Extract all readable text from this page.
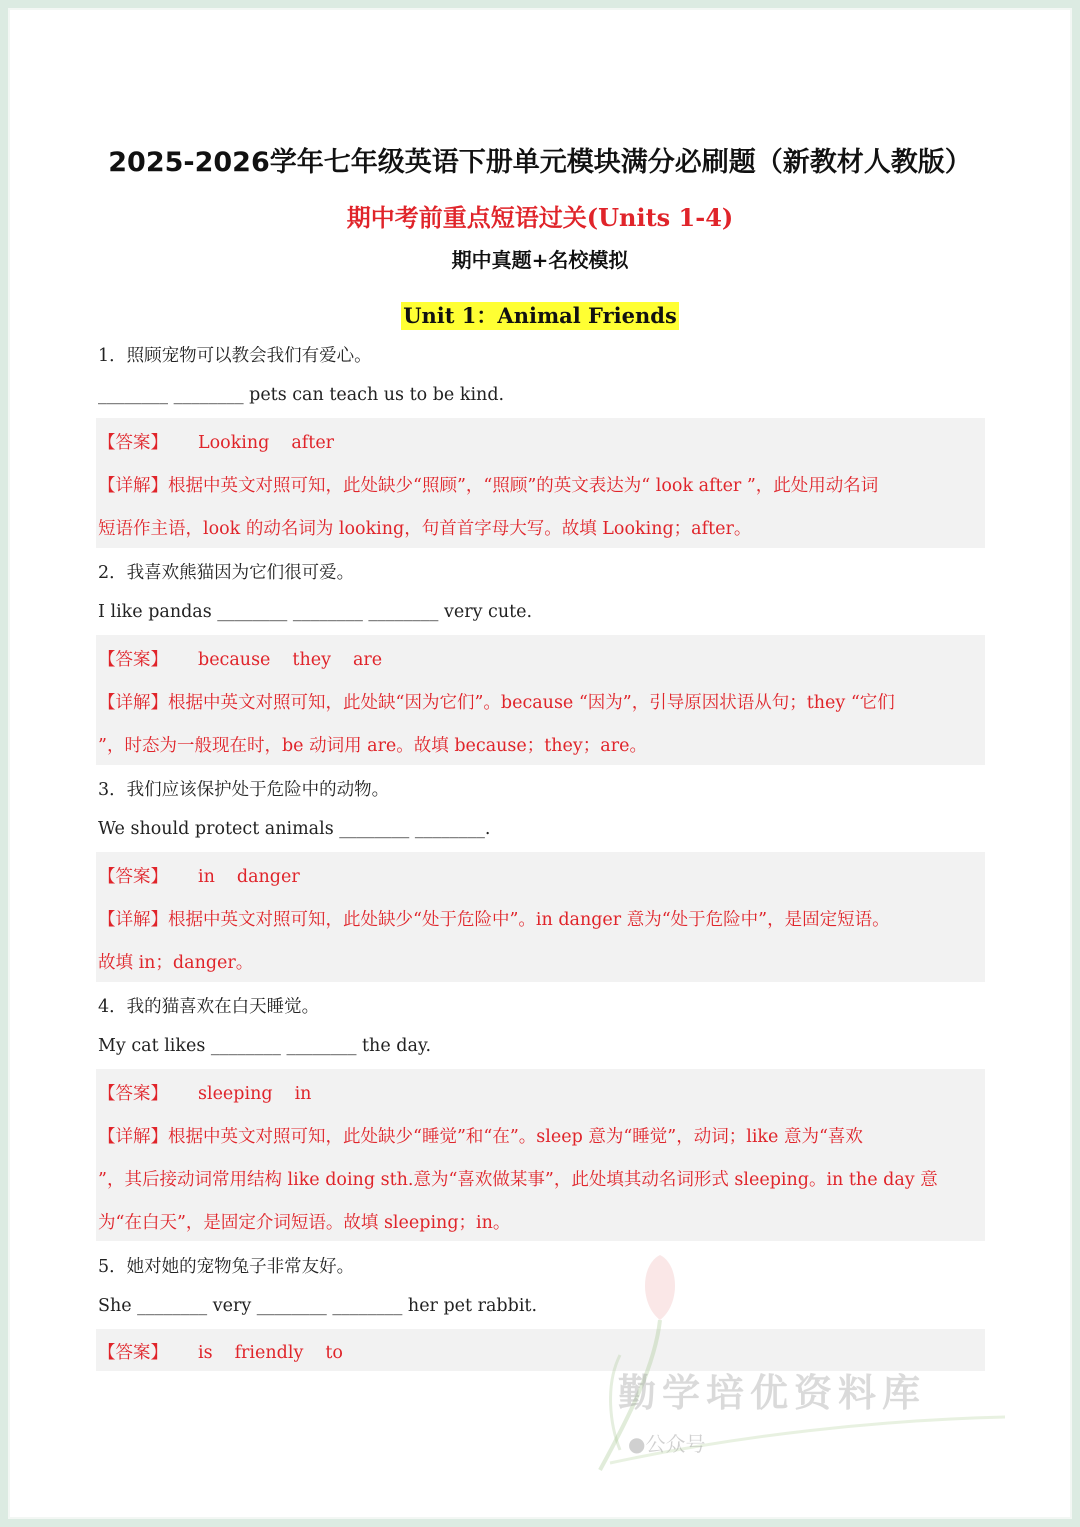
2025-2026学年七年级英语下册单元模块满分必刷题（新教材人教版）
期中考前重点短语过关(Units 1-4)
期中真题+名校模拟
Unit 1：Animal Friends
1．照顾宠物可以教会我们有爱心。
________ ________ pets can teach us to be kind.
【答案】 Looking after
【详解】根据中英文对照可知，此处缺少“照顾”，“照顾”的英文表达为“ look after ”，此处用动名词
短语作主语，look 的动名词为 looking，句首首字母大写。故填 Looking；after。
2．我喜欢熊猫因为它们很可爱。
I like pandas ________ ________ ________ very cute.
【答案】 because they are
【详解】根据中英文对照可知，此处缺“因为它们”。because “因为”，引导原因状语从句；they “它们
”，时态为一般现在时，be 动词用 are。故填 because；they；are。
3．我们应该保护处于危险中的动物。
We should protect animals ________ ________.
【答案】 in danger
【详解】根据中英文对照可知，此处缺少“处于危险中”。in danger 意为“处于危险中”，是固定短语。
故填 in；danger。
4．我的猫喜欢在白天睡觉。
My cat likes ________ ________ the day.
【答案】 sleeping in
【详解】根据中英文对照可知，此处缺少“睡觉”和“在”。sleep 意为“睡觉”，动词；like 意为“喜欢
”，其后接动词常用结构 like doing sth.意为“喜欢做某事”，此处填其动名词形式 sleeping。in the day 意
为“在白天”，是固定介词短语。故填 sleeping；in。
5．她对她的宠物兔子非常友好。
She ________ very ________ ________ her pet rabbit.
【答案】 is friendly to
勤学培优资料库
●公众号
